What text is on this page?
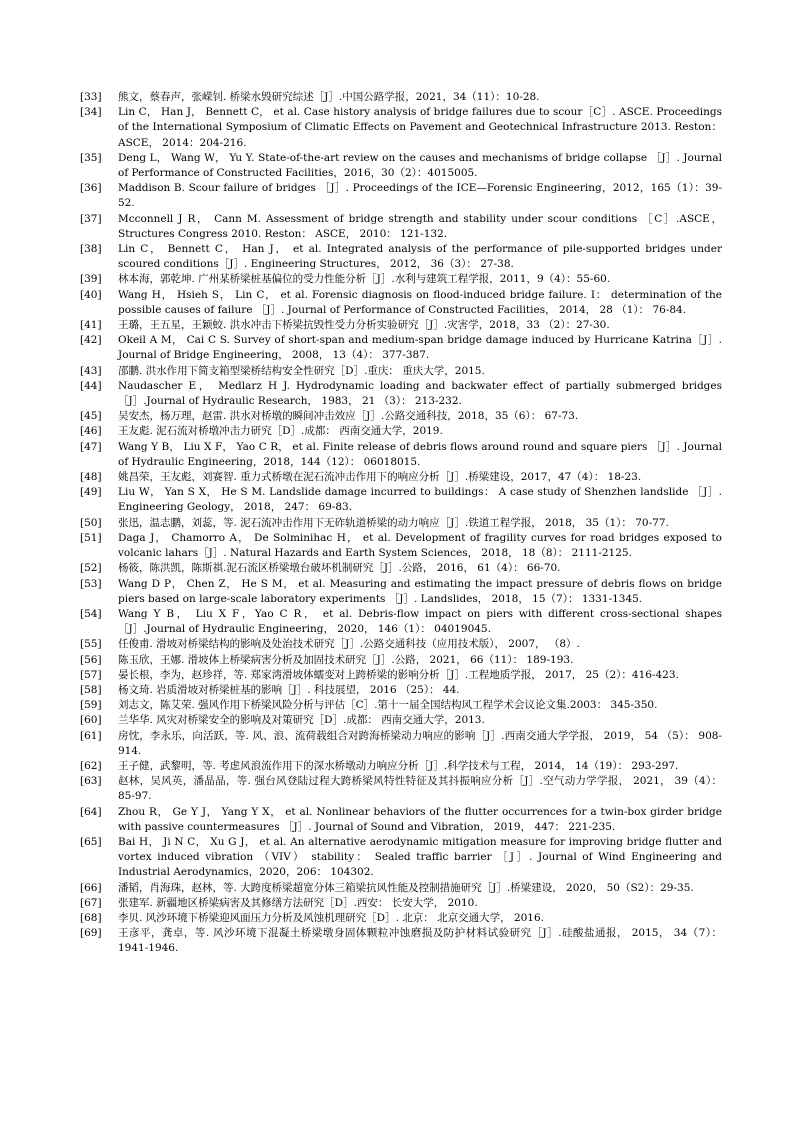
[33]	熊文，蔡春声，张嵘钊. 桥梁水毁研究综述［J］.中国公路学报，2021，34（11）：10-28.
[34]	Lin C， Han J， Bennett C， et al. Case history analysis of bridge failures due to scour［C］. ASCE. Proceedings of the International Symposium of Climatic Effects on Pavement and Geotechnical Infrastructure 2013. Reston： ASCE， 2014：204-216.
[35]	Deng L， Wang W， Yu Y. State-of-the-art review on the causes and mechanisms of bridge collapse ［J］. Journal of Performance of Constructed Facilities，2016，30（2）：4015005.
[36]	Maddison B. Scour failure of bridges ［J］. Proceedings of the ICE—Forensic Engineering，2012，165（1）：39-52.
[37]	Mcconnell J R， Cann M. Assessment of bridge strength and stability under scour conditions ［C］.ASCE， Structures Congress 2010. Reston： ASCE， 2010： 121-132.
[38]	Lin C， Bennett C， Han J， et al. Integrated analysis of the performance of pile-supported bridges under scoured conditions［J］. Engineering Structures， 2012， 36（3）： 27-38.
[39]	林本海，郭乾坤. 广州某桥梁桩基偏位的受力性能分析［J］.水利与建筑工程学报，2011，9（4）：55-60.
[40]	Wang H， Hsieh S， Lin C， et al. Forensic diagnosis on flood-induced bridge failure. I： determination of the possible causes of failure ［J］. Journal of Performance of Constructed Facilities， 2014， 28 （1）： 76-84.
[41]	王璐，王五星，王颖蛟. 洪水冲击下桥梁抗毁性受力分析实验研究［J］.灾害学，2018，33 （2）：27-30.
[42]	Okeil A M， Cai C S. Survey of short-span and medium-span bridge damage induced by Hurricane Katrina［J］. Journal of Bridge Engineering， 2008， 13（4）： 377-387.
[43]	邵鹏. 洪水作用下简支箱型梁桥结构安全性研究［D］.重庆： 重庆大学，2015.
[44]	Naudascher E， Medlarz H J. Hydrodynamic loading and backwater effect of partially submerged bridges［J］.Journal of Hydraulic Research， 1983， 21 （3）： 213-232.
[45]	吴安杰，杨万理，赵雷. 洪水对桥墩的瞬间冲击效应［J］.公路交通科技，2018，35（6）： 67-73.
[46]	王友彪. 泥石流对桥墩冲击力研究［D］.成都： 西南交通大学，2019.
[47]	Wang Y B， Liu X F， Yao C R， et al. Finite release of debris flows around round and square piers ［J］. Journal of Hydraulic Engineering，2018，144（12）： 06018015.
[48]	姚昌荣，王友彪，刘赛智. 重力式桥墩在泥石流冲击作用下的响应分析［J］.桥梁建设，2017，47（4）： 18-23.
[49]	Liu W， Yan S X， He S M. Landslide damage incurred to buildings： A case study of Shenzhen landslide ［J］. Engineering Geology， 2018， 247： 69-83.
[50]	张迅，温志鹏，刘蕊，等. 泥石流冲击作用下无砟轨道桥梁的动力响应［J］.铁道工程学报， 2018， 35（1）： 70-77.
[51]	Daga J， Chamorro A， De Solminihac H， et al. Development of fragility curves for road bridges exposed to volcanic lahars［J］. Natural Hazards and Earth System Sciences， 2018， 18（8）： 2111-2125.
[52]	杨筱，陈洪凯，陈斯祺.泥石流区桥梁墩台破坏机制研究［J］.公路， 2016， 61（4）： 66-70.
[53]	Wang D P， Chen Z， He S M， et al. Measuring and estimating the impact pressure of debris flows on bridge piers based on large-scale laboratory experiments ［J］. Landslides， 2018， 15（7）： 1331-1345.
[54]	Wang Y B， Liu X F，Yao C R， et al. Debris-flow impact on piers with different cross-sectional shapes ［J］.Journal of Hydraulic Engineering， 2020， 146（1）： 04019045.
[55]	任俊甫. 滑坡对桥梁结构的影响及处治技术研究［J］.公路交通科技（应用技术版）， 2007， （8）.
[56]	陈玉欣，王娜. 滑坡体上桥梁病害分析及加固技术研究［J］.公路， 2021， 66（11）： 189-193.
[57]	晏长根，李为，赵珍祥，等. 郑家湾滑坡体蠕变对上跨桥梁的影响分析［J］.工程地质学报， 2017， 25（2）：416-423.
[58]	杨文琦. 岩质滑坡对桥梁桩基的影响［J］. 科技展望， 2016 （25）： 44.
[59]	刘志文，陈艾荣. 强风作用下桥梁风险分析与评估［C］.第十一届全国结构风工程学术会议论文集.2003： 345-350.
[60]	兰华华. 风灾对桥梁安全的影响及对策研究［D］.成都： 西南交通大学，2013.
[61]	房忱，李永乐，向活跃，等. 风、浪、流荷载组合对跨海桥梁动力响应的影响［J］.西南交通大学学报， 2019， 54 （5）： 908-914.
[62]	王子健，武黎明，等. 考虑风浪流作用下的深水桥墩动力响应分析［J］.科学技术与工程， 2014， 14（19）： 293-297.
[63]	赵林，吴风英，潘晶晶，等. 强台风登陆过程大跨桥梁风特性特征及其抖振响应分析［J］.空气动力学学报， 2021， 39（4）： 85-97.
[64]	Zhou R， Ge Y J， Yang Y X， et al. Nonlinear behaviors of the flutter occurrences for a twin-box girder bridge with passive countermeasures ［J］. Journal of Sound and Vibration， 2019， 447： 221-235.
[65]	Bai H， Ji N C， Xu G J， et al. An alternative aerodynamic mitigation measure for improving bridge flutter and vortex induced vibration （VIV） stability： Sealed traffic barrier ［J］. Journal of Wind Engineering and Industrial Aerodynamics，2020，206： 104302.
[66]	潘韬，肖海珠，赵林，等. 大跨度桥梁超宽分体三箱梁抗风性能及控制措施研究［J］.桥梁建设， 2020， 50（S2）：29-35.
[67]	张建军. 新疆地区桥梁病害及其修缮方法研究［D］.西安： 长安大学， 2010.
[68]	李贝. 风沙环境下桥梁迎风面压力分析及风蚀机理研究［D］. 北京： 北京交通大学， 2016.
[69]	王彦平，龚卓，等. 风沙环境下混凝土桥梁墩身固体颗粒冲蚀磨损及防护材料试验研究［J］.硅酸盐通报， 2015， 34（7）： 1941-1946.
